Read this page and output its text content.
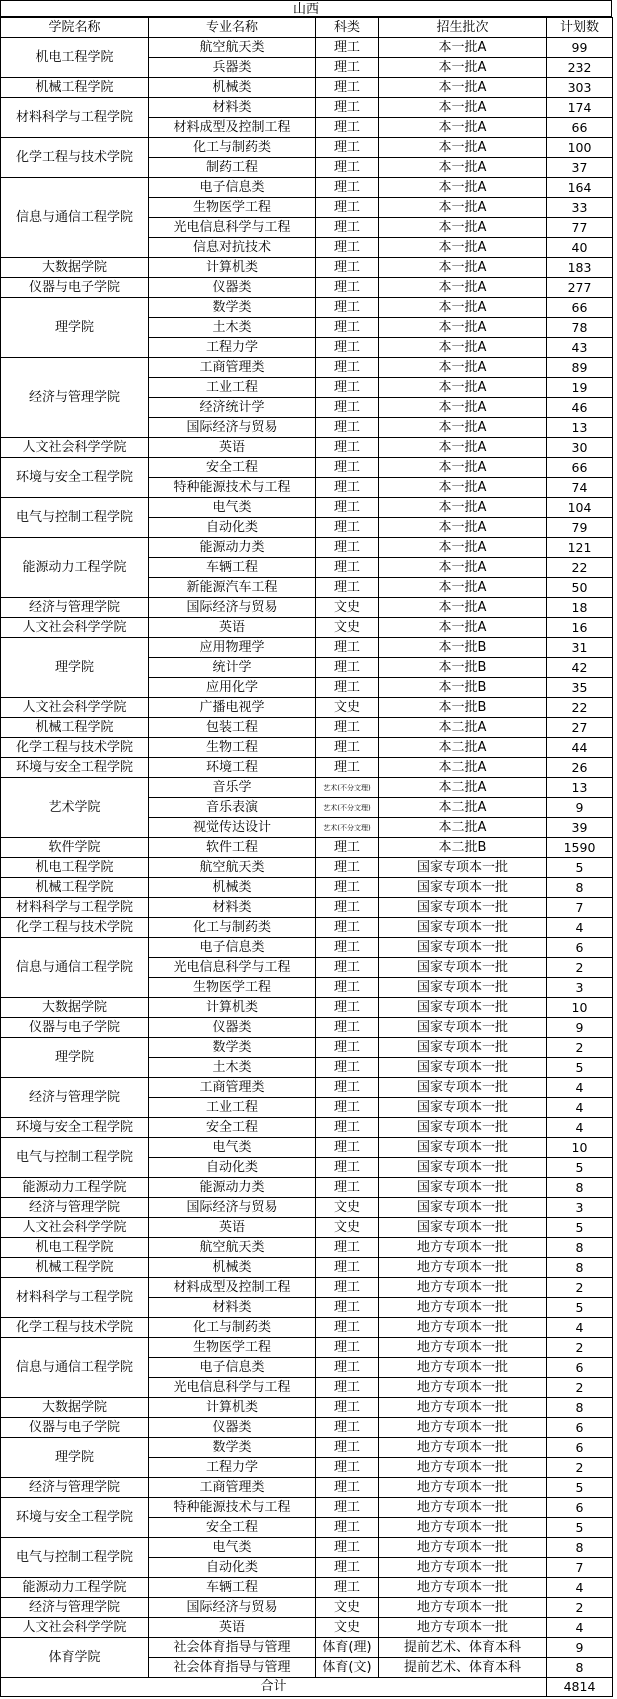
山西
学院名称	专业名称	科类	招生批次	计划数
机电工程学院	航空航天类	理工	本一批A	99
	兵器类	理工	本一批A	232
机械工程学院	机械类	理工	本一批A	303
材料科学与工程学院	材料类	理工	本一批A	174
	材料成型及控制工程	理工	本一批A	66
化学工程与技术学院	化工与制药类	理工	本一批A	100
	制药工程	理工	本一批A	37
信息与通信工程学院	电子信息类	理工	本一批A	164
	生物医学工程	理工	本一批A	33
	光电信息科学与工程	理工	本一批A	77
	信息对抗技术	理工	本一批A	40
大数据学院	计算机类	理工	本一批A	183
仪器与电子学院	仪器类	理工	本一批A	277
理学院	数学类	理工	本一批A	66
	土木类	理工	本一批A	78
	工程力学	理工	本一批A	43
经济与管理学院	工商管理类	理工	本一批A	89
	工业工程	理工	本一批A	19
	经济统计学	理工	本一批A	46
	国际经济与贸易	理工	本一批A	13
人文社会科学学院	英语	理工	本一批A	30
环境与安全工程学院	安全工程	理工	本一批A	66
	特种能源技术与工程	理工	本一批A	74
电气与控制工程学院	电气类	理工	本一批A	104
	自动化类	理工	本一批A	79
能源动力工程学院	能源动力类	理工	本一批A	121
	车辆工程	理工	本一批A	22
	新能源汽车工程	理工	本一批A	50
经济与管理学院	国际经济与贸易	文史	本一批A	18
人文社会科学学院	英语	文史	本一批A	16
理学院	应用物理学	理工	本一批B	31
	统计学	理工	本一批B	42
	应用化学	理工	本一批B	35
人文社会科学学院	广播电视学	文史	本一批B	22
机械工程学院	包装工程	理工	本二批A	27
化学工程与技术学院	生物工程	理工	本二批A	44
环境与安全工程学院	环境工程	理工	本二批A	26
艺术学院	音乐学	艺术(不分文理)	本二批A	13
	音乐表演	艺术(不分文理)	本二批A	9
	视觉传达设计	艺术(不分文理)	本二批A	39
软件学院	软件工程	理工	本二批B	1590
机电工程学院	航空航天类	理工	国家专项本一批	5
机械工程学院	机械类	理工	国家专项本一批	8
材料科学与工程学院	材料类	理工	国家专项本一批	7
化学工程与技术学院	化工与制药类	理工	国家专项本一批	4
信息与通信工程学院	电子信息类	理工	国家专项本一批	6
	光电信息科学与工程	理工	国家专项本一批	2
	生物医学工程	理工	国家专项本一批	3
大数据学院	计算机类	理工	国家专项本一批	10
仪器与电子学院	仪器类	理工	国家专项本一批	9
理学院	数学类	理工	国家专项本一批	2
	土木类	理工	国家专项本一批	5
经济与管理学院	工商管理类	理工	国家专项本一批	4
	工业工程	理工	国家专项本一批	4
环境与安全工程学院	安全工程	理工	国家专项本一批	4
电气与控制工程学院	电气类	理工	国家专项本一批	10
	自动化类	理工	国家专项本一批	5
能源动力工程学院	能源动力类	理工	国家专项本一批	8
经济与管理学院	国际经济与贸易	文史	国家专项本一批	3
人文社会科学学院	英语	文史	国家专项本一批	5
机电工程学院	航空航天类	理工	地方专项本一批	8
机械工程学院	机械类	理工	地方专项本一批	8
材料科学与工程学院	材料成型及控制工程	理工	地方专项本一批	2
	材料类	理工	地方专项本一批	5
化学工程与技术学院	化工与制药类	理工	地方专项本一批	4
信息与通信工程学院	生物医学工程	理工	地方专项本一批	2
	电子信息类	理工	地方专项本一批	6
	光电信息科学与工程	理工	地方专项本一批	2
大数据学院	计算机类	理工	地方专项本一批	8
仪器与电子学院	仪器类	理工	地方专项本一批	6
理学院	数学类	理工	地方专项本一批	6
	工程力学	理工	地方专项本一批	2
经济与管理学院	工商管理类	理工	地方专项本一批	5
环境与安全工程学院	特种能源技术与工程	理工	地方专项本一批	6
	安全工程	理工	地方专项本一批	5
电气与控制工程学院	电气类	理工	地方专项本一批	8
	自动化类	理工	地方专项本一批	7
能源动力工程学院	车辆工程	理工	地方专项本一批	4
经济与管理学院	国际经济与贸易	文史	地方专项本一批	2
人文社会科学学院	英语	文史	地方专项本一批	4
体育学院	社会体育指导与管理	体育(理)	提前艺术、体育本科	9
	社会体育指导与管理	体育(文)	提前艺术、体育本科	8
合计				4814
